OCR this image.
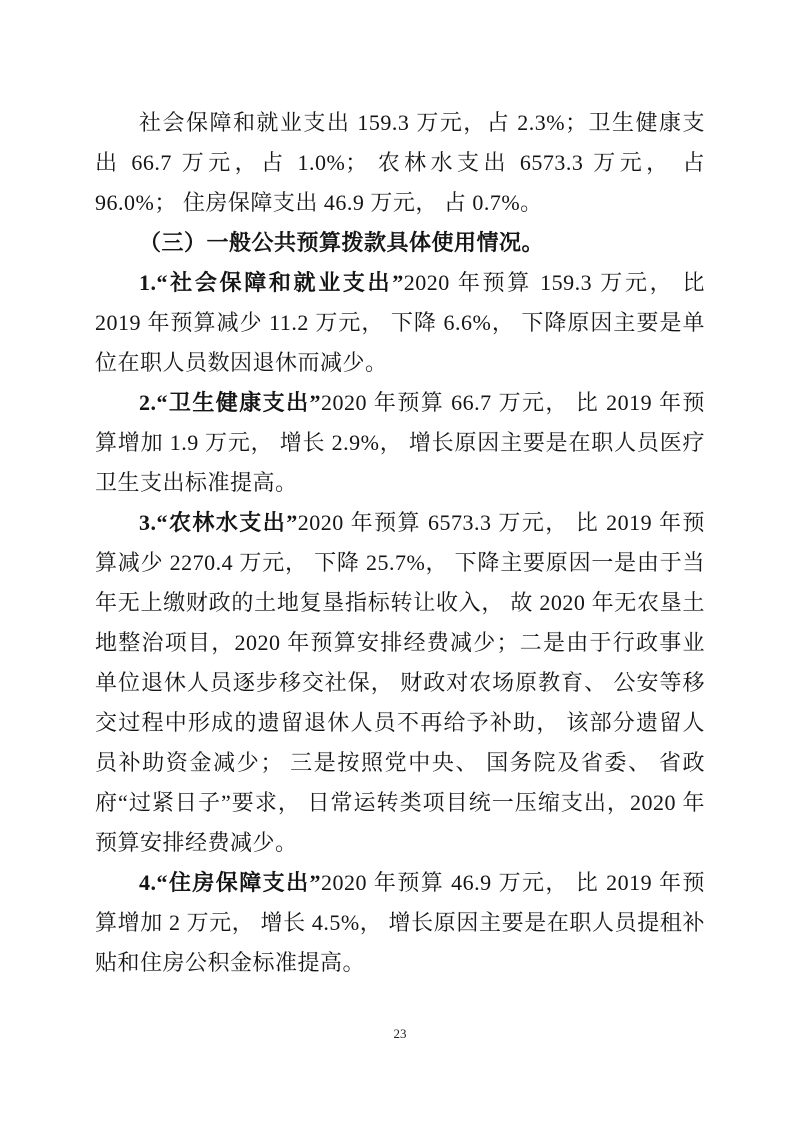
社会保障和就业支出 159.3 万元，占 2.3%；卫生健康支出 66.7 万元，占 1.0%； 农林水支出 6573.3 万元， 占 96.0%； 住房保障支出 46.9 万元， 占 0.7%。

（三）一般公共预算拨款具体使用情况。

1.“社会保障和就业支出”2020 年预算 159.3 万元， 比 2019 年预算减少 11.2 万元， 下降 6.6%， 下降原因主要是单位在职人员数因退休而减少。

2.“卫生健康支出”2020 年预算 66.7 万元， 比 2019 年预算增加 1.9 万元， 增长 2.9%， 增长原因主要是在职人员医疗卫生支出标准提高。

3.“农林水支出”2020 年预算 6573.3 万元， 比 2019 年预算减少 2270.4 万元， 下降 25.7%， 下降主要原因一是由于当年无上缴财政的土地复垦指标转让收入， 故 2020 年无农垦土地整治项目，2020 年预算安排经费减少；二是由于行政事业单位退休人员逐步移交社保， 财政对农场原教育、 公安等移交过程中形成的遗留退休人员不再给予补助， 该部分遗留人员补助资金减少； 三是按照党中央、 国务院及省委、 省政府“过紧日子”要求， 日常运转类项目统一压缩支出，2020 年预算安排经费减少。

4.“住房保障支出”2020 年预算 46.9 万元， 比 2019 年预算增加 2 万元， 增长 4.5%， 增长原因主要是在职人员提租补贴和住房公积金标准提高。

23
